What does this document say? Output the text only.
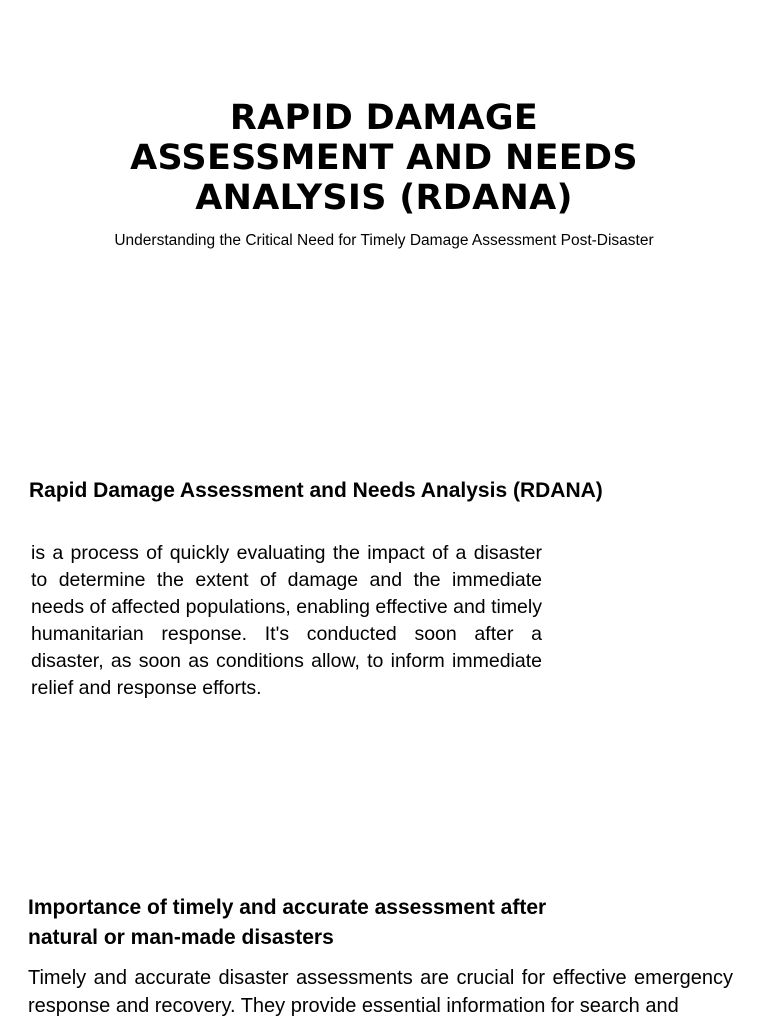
RAPID DAMAGE ASSESSMENT AND NEEDS ANALYSIS (RDANA)

Understanding the Critical Need for Timely Damage Assessment Post-Disaster

Rapid Damage Assessment and Needs Analysis (RDANA)

is a process of quickly evaluating the impact of a disaster to determine the extent of damage and the immediate needs of affected populations, enabling effective and timely humanitarian response. It's conducted soon after a disaster, as soon as conditions allow, to inform immediate relief and response efforts.

Importance of timely and accurate assessment after natural or man-made disasters

Timely and accurate disaster assessments are crucial for effective emergency response and recovery. They provide essential information for search and
